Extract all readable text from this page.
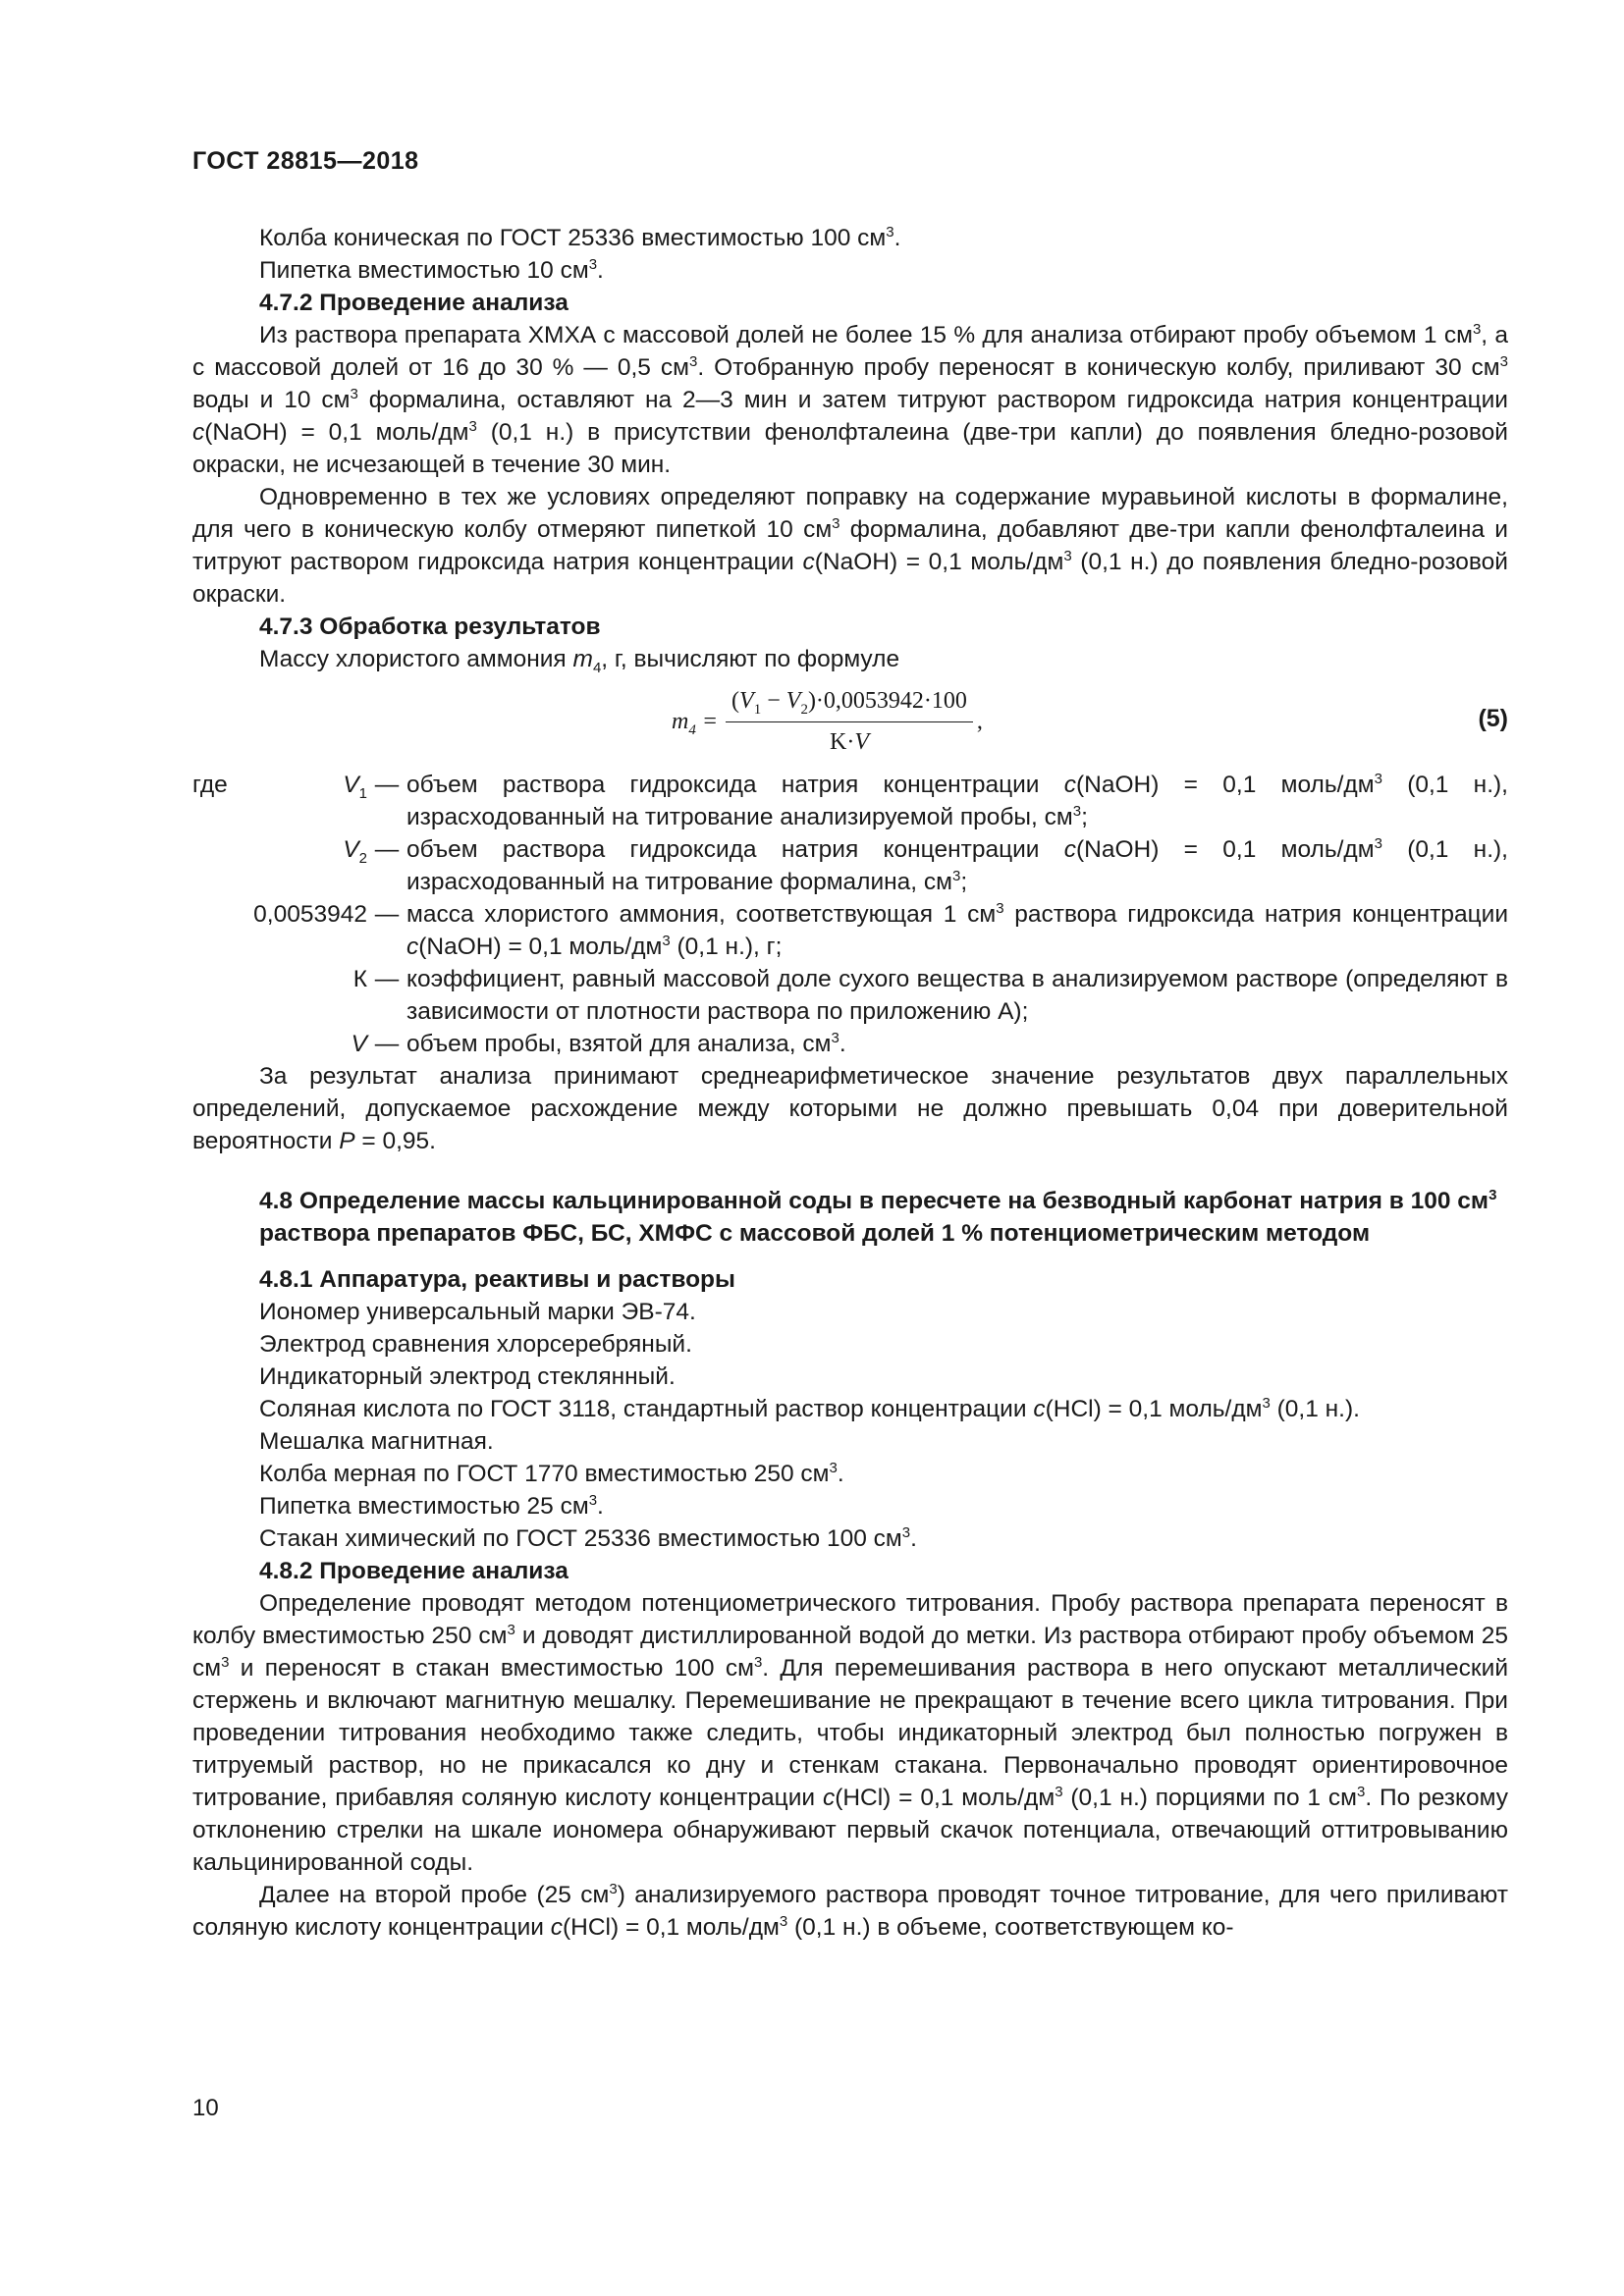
ГОСТ 28815—2018

Колба коническая по ГОСТ 25336 вместимостью 100 $см^3$.

Пипетка вместимостью 10 $см^3$.

4.7.2 Проведение анализа

Из раствора препарата ХМХА с массовой долей не более 15 % для анализа отбирают пробу объемом 1 $см^3$, а с массовой долей от 16 до 30 % — 0,5 $см^3$. Отобранную пробу переносят в коническую колбу, приливают 30 $см^3$ воды и 10 $см^3$ формалина, оставляют на 2—3 мин и затем титруют раствором гидроксида натрия концентрации c(NaOH) = 0,1 моль/$дм^3$ (0,1 н.) в присутствии фенолфталеина (две-три капли) до появления бледно-розовой окраски, не исчезающей в течение 30 мин.

Одновременно в тех же условиях определяют поправку на содержание муравьиной кислоты в формалине, для чего в коническую колбу отмеряют пипеткой 10 $см^3$ формалина, добавляют две-три капли фенолфталеина и титруют раствором гидроксида натрия концентрации c(NaOH) = 0,1 моль/$дм^3$ (0,1 н.) до появления бледно-розовой окраски.

4.7.3 Обработка результатов

Массу хлористого аммония $m_4$, г, вычисляют по формуле

$m_4 = \frac{(V_1 - V_2)\cdot 0,0053942\cdot 100}{K\cdot V}$ ,	(5)
где	$V_1$ — объем раствора гидроксида натрия концентрации c(NaOH) = 0,1 моль/$дм^3$ (0,1 н.), израсходованный на титрование анализируемой пробы, $см^3$;
$V_2$ — объем раствора гидроксида натрия концентрации c(NaOH) = 0,1 моль/$дм^3$ (0,1 н.), израсходованный на титрование формалина, $см^3$;
0,0053942 — масса хлористого аммония, соответствующая 1 $см^3$ раствора гидроксида натрия концентрации c(NaOH) = 0,1 моль/$дм^3$ (0,1 н.), г;
К — коэффициент, равный массовой доле сухого вещества в анализируемом растворе (определяют в зависимости от плотности раствора по приложению А);
V — объем пробы, взятой для анализа, $см^3$.

За результат анализа принимают среднеарифметическое значение результатов двух параллельных определений, допускаемое расхождение между которыми не должно превышать 0,04 при доверительной вероятности P = 0,95.

4.8 Определение массы кальцинированной соды в пересчете на безводный карбонат натрия в 100 $см^3$ раствора препаратов ФБС, БС, ХМФС с массовой долей 1 % потенциометрическим методом

4.8.1 Аппаратура, реактивы и растворы

Иономер универсальный марки ЭВ-74.

Электрод сравнения хлорсеребряный.

Индикаторный электрод стеклянный.

Соляная кислота по ГОСТ 3118, стандартный раствор концентрации c(HCl) = 0,1 моль/$дм^3$ (0,1 н.).

Мешалка магнитная.

Колба мерная по ГОСТ 1770 вместимостью 250 $см^3$.

Пипетка вместимостью 25 $см^3$.

Стакан химический по ГОСТ 25336 вместимостью 100 $см^3$.

4.8.2 Проведение анализа

Определение проводят методом потенциометрического титрования. Пробу раствора препарата переносят в колбу вместимостью 250 $см^3$ и доводят дистиллированной водой до метки. Из раствора отбирают пробу объемом 25 $см^3$ и переносят в стакан вместимостью 100 $см^3$. Для перемешивания раствора в него опускают металлический стержень и включают магнитную мешалку. Перемешивание не прекращают в течение всего цикла титрования. При проведении титрования необходимо также следить, чтобы индикаторный электрод был полностью погружен в титруемый раствор, но не прикасался ко дну и стенкам стакана. Первоначально проводят ориентировочное титрование, прибавляя соляную кислоту концентрации c(HCl) = 0,1 моль/$дм^3$ (0,1 н.) порциями по 1 $см^3$. По резкому отклонению стрелки на шкале иономера обнаруживают первый скачок потенциала, отвечающий оттитровыванию кальцинированной соды.

Далее на второй пробе (25 $см^3$) анализируемого раствора проводят точное титрование, для чего приливают соляную кислоту концентрации c(HCl) = 0,1 моль/$дм^3$ (0,1 н.) в объеме, соответствующем ко-

10
